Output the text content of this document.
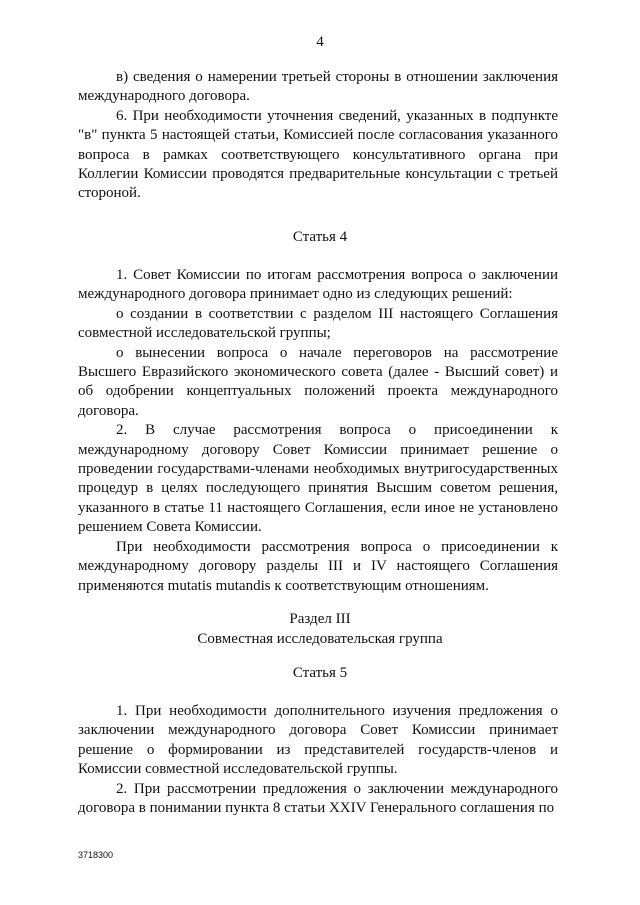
4

в) сведения о намерении третьей стороны в отношении заключения международного договора.

6. При необходимости уточнения сведений, указанных в подпункте "в" пункта 5 настоящей статьи, Комиссией после согласования указанного вопроса в рамках соответствующего консультативного органа при Коллегии Комиссии проводятся предварительные консультации с третьей стороной.

Статья 4

1. Совет Комиссии по итогам рассмотрения вопроса о заключении международного договора принимает одно из следующих решений:

о создании в соответствии с разделом III настоящего Соглашения совместной исследовательской группы;

о вынесении вопроса о начале переговоров на рассмотрение Высшего Евразийского экономического совета (далее - Высший совет) и об одобрении концептуальных положений проекта международного договора.

2. В случае рассмотрения вопроса о присоединении к международному договору Совет Комиссии принимает решение о проведении государствами-членами необходимых внутригосударственных процедур в целях последующего принятия Высшим советом решения, указанного в статье 11 настоящего Соглашения, если иное не установлено решением Совета Комиссии.

При необходимости рассмотрения вопроса о присоединении к международному договору разделы III и IV настоящего Соглашения применяются mutatis mutandis к соответствующим отношениям.

Раздел III
Совместная исследовательская группа
Статья 5

1. При необходимости дополнительного изучения предложения о заключении международного договора Совет Комиссии принимает решение о формировании из представителей государств-членов и Комиссии совместной исследовательской группы.

2. При рассмотрении предложения о заключении международного договора в понимании пункта 8 статьи XXIV Генерального соглашения по

3718300
